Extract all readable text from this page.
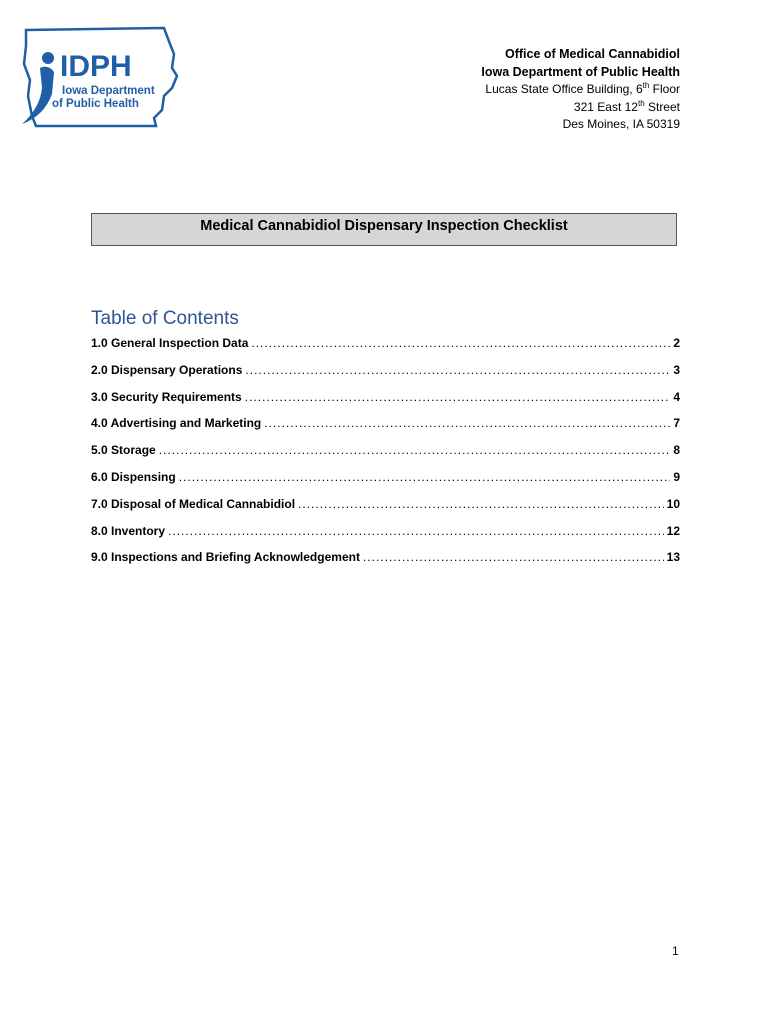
IDPH
Iowa Department
of Public Health
Office of Medical Cannabidiol
Iowa Department of Public Health
Lucas State Office Building, 6th Floor
321 East 12th Street
Des Moines, IA 50319
Medical Cannabidiol Dispensary Inspection Checklist
Table of Contents
1.0 General Inspection Data .....	2
2.0 Dispensary Operations .....	3
3.0 Security Requirements .....	4
4.0 Advertising and Marketing .....	7
5.0 Storage .....	8
6.0 Dispensing .....	9
7.0 Disposal of Medical Cannabidiol .....	10
8.0 Inventory .....	12
9.0 Inspections and Briefing Acknowledgement .....	13
1
